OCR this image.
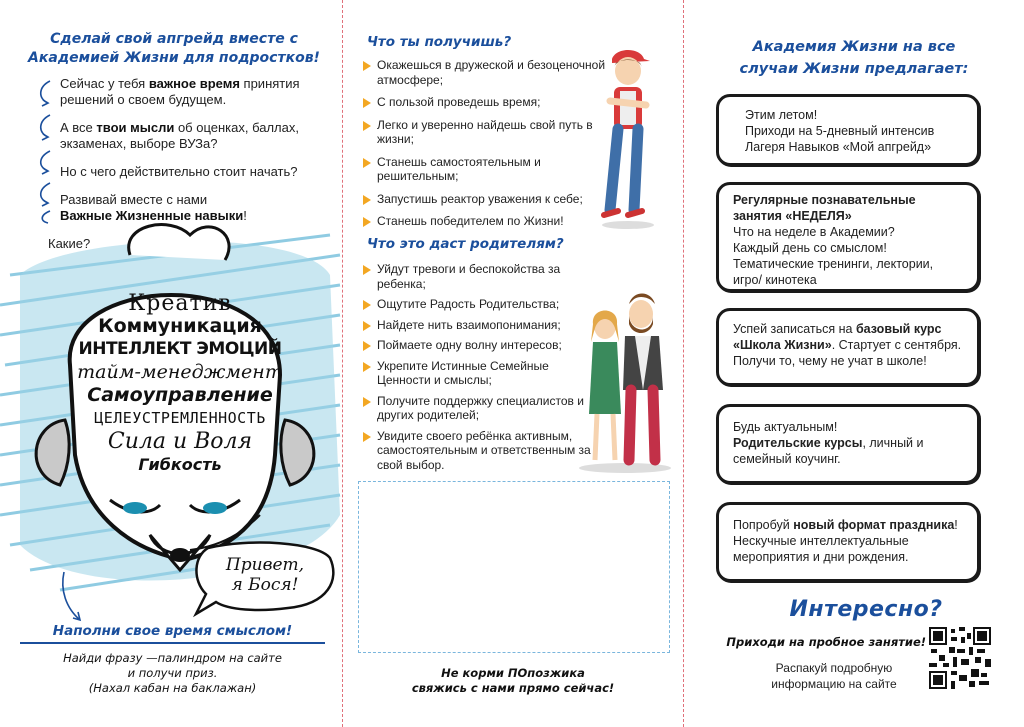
Сделай свой апгрейд вместе с
Академией Жизни для подростков!
Сейчас у тебя важное время принятия решений о своем будущем.
А все твои мысли об оценках, баллах, экзаменах, выборе ВУЗа?
Но с чего действительно стоит начать?
Развивай вместе с нами
Важные Жизненные навыки!
Какие?
Креатив
Коммуникация
ИНТЕЛЛЕКТ ЭМОЦИЙ
тайм-менеджмент
Самоуправление
ЦЕЛЕУСТРЕМЛЕННОСТЬ
Сила и Воля
Гибкость
Привет,
я Бося!
Наполни свое время смыслом!
Найди фразу —палиндром на сайте
и получи приз.
(Нахал кабан на баклажан)
Что ты получишь?
Окажешься в дружеской и безоценочной атмосфере;
С пользой проведешь время;
Легко и уверенно найдешь свой путь в жизни;
Станешь самостоятельным и решительным;
Запустишь реактор уважения к себе;
Станешь победителем по Жизни!
Что это даст родителям?
Уйдут тревоги и беспокойства за ребенка;
Ощутите Радость Родительства;
Найдете нить взаимопонимания;
Поймаете одну волну интересов;
Укрепите Истинные Семейные Ценности и смыслы;
Получите поддержку специалистов и других родителей;
Увидите своего ребёнка активным, самостоятельным и ответственным за свой выбор.
Не корми ПОпозжика
свяжись с нами прямо сейчас!
Академия Жизни на все
случаи Жизни предлагает:
Этим летом!
Приходи на 5-дневный интенсив
Лагеря Навыков «Мой апгрейд»
Регулярные познавательные занятия «НЕДЕЛЯ»
Что на неделе в Академии?
Каждый день со смыслом!
Тематические тренинги, лектории, игро/ кинотека
Успей записаться на базовый курс «Школа Жизни». Стартует с сентября. Получи то, чему не учат в школе!
Будь актуальным!
Родительские курсы, личный и семейный коучинг.
Попробуй новый формат праздника! Нескучные интеллектуальные мероприятия и дни рождения.
Интересно?
Приходи на пробное занятие!
Распакуй подробную
информацию на сайте
